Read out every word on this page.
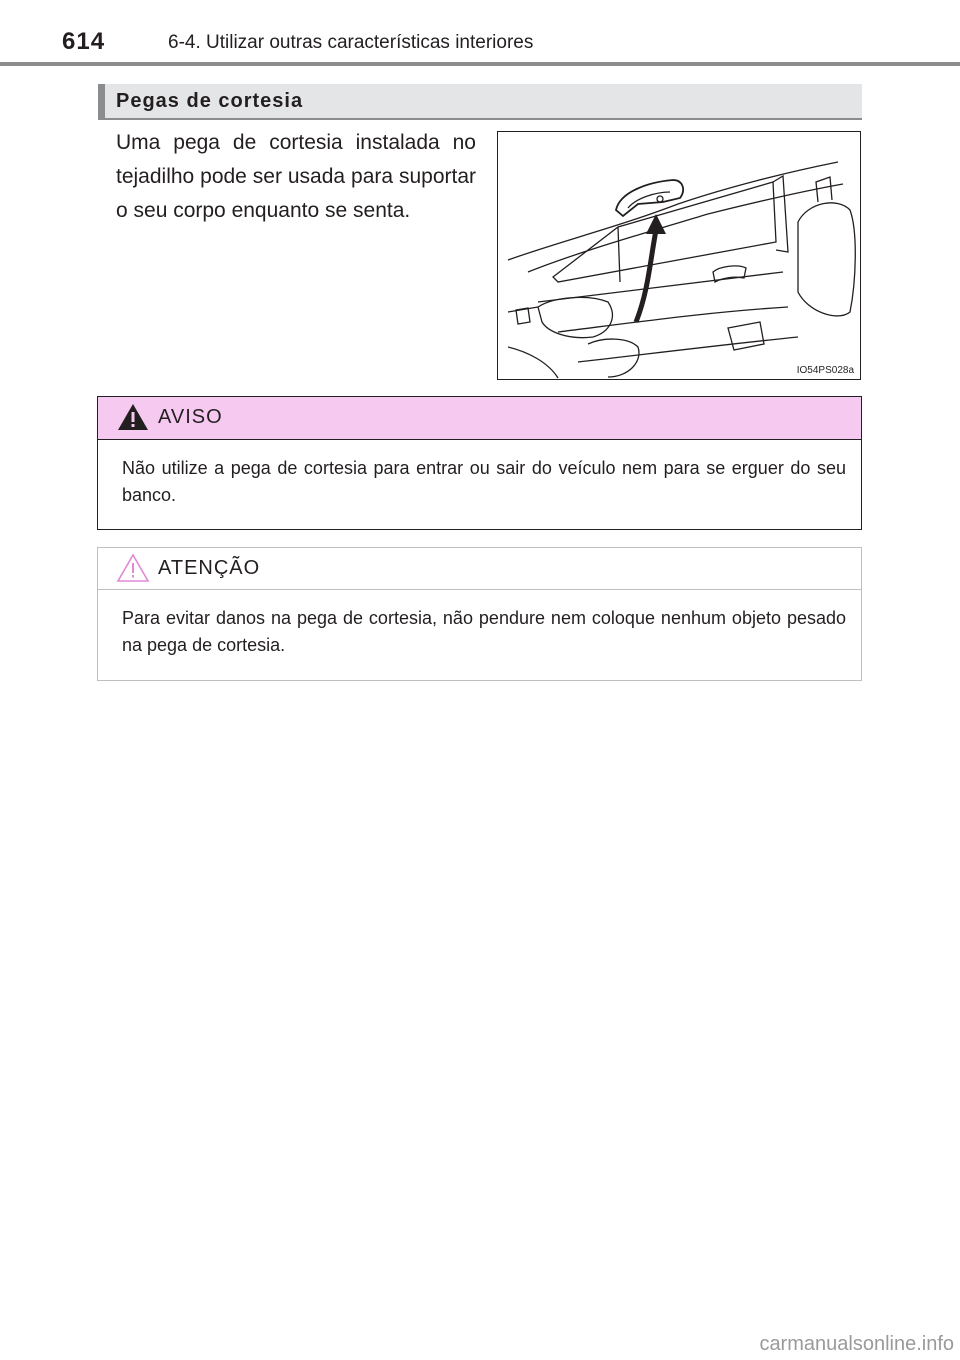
614	6-4. Utilizar outras características interiores
Pegas de cortesia
Uma pega de cortesia instalada no tejadilho pode ser usada para suportar o seu corpo enquanto se senta.
IO54PS028a
AVISO
Não utilize a pega de cortesia para entrar ou sair do veículo nem para se erguer do seu banco.
ATENÇÃO
Para evitar danos na pega de cortesia, não pendure nem coloque nenhum objeto pesado na pega de cortesia.
carmanualsonline.info
